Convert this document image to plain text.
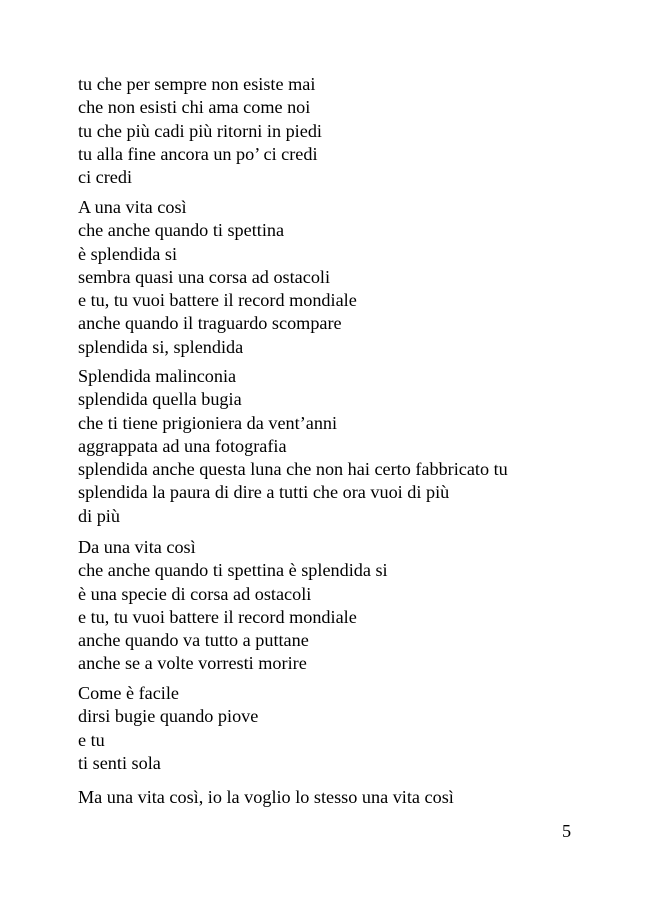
tu che per sempre non esiste mai
che non esisti chi ama come noi
tu che più cadi più ritorni in piedi
tu alla fine ancora un po’ ci credi
ci credi
A una vita così
che anche quando ti spettina
è splendida si
sembra quasi una corsa ad ostacoli
e tu, tu vuoi battere il record mondiale
anche quando il traguardo scompare
splendida si, splendida
Splendida malinconia
splendida quella bugia
che ti tiene prigioniera da vent’anni
aggrappata ad una fotografia
splendida anche questa luna che non hai certo fabbricato tu
splendida la paura di dire a tutti che ora vuoi di più
di più
Da una vita così
che anche quando ti spettina è splendida si
è una specie di corsa ad ostacoli
e tu, tu vuoi battere il record mondiale
anche quando va tutto a puttane
anche se a volte vorresti morire
Come è facile
dirsi bugie quando piove
e tu
ti senti sola
Ma una vita così, io la voglio lo stesso una vita così
5
